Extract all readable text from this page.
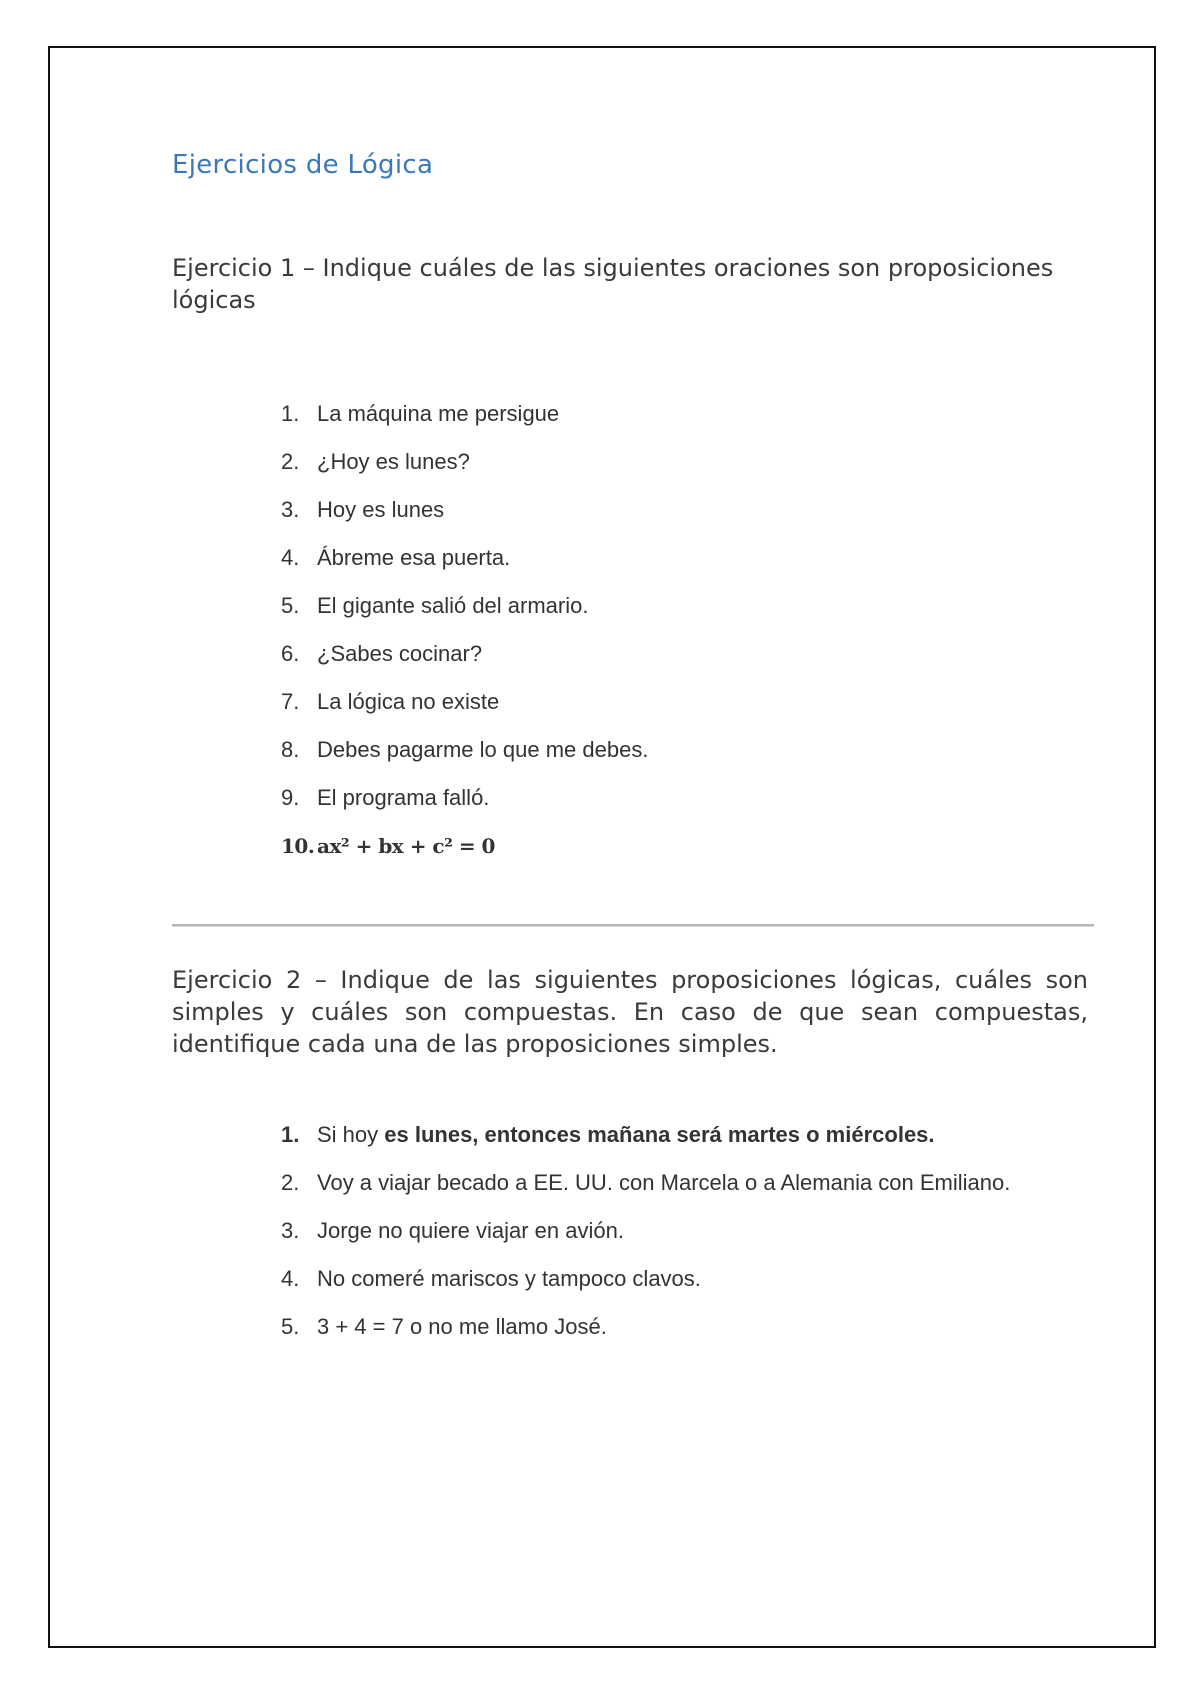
Ejercicios de Lógica
Ejercicio 1 – Indique cuáles de las siguientes oraciones son proposiciones lógicas
1. La máquina me persigue
2. ¿Hoy es lunes?
3. Hoy es lunes
4. Ábreme esa puerta.
5. El gigante salió del armario.
6. ¿Sabes cocinar?
7. La lógica no existe
8. Debes pagarme lo que me debes.
9. El programa falló.
10. ax² + bx + c² = 0
Ejercicio 2 – Indique de las siguientes proposiciones lógicas, cuáles son simples y cuáles son compuestas. En caso de que sean compuestas, identifique cada una de las proposiciones simples.
1. Si hoy es lunes, entonces mañana será martes o miércoles.
2. Voy a viajar becado a EE. UU. con Marcela o a Alemania con Emiliano.
3. Jorge no quiere viajar en avión.
4. No comeré mariscos y tampoco clavos.
5. 3 + 4 = 7 o no me llamo José.
